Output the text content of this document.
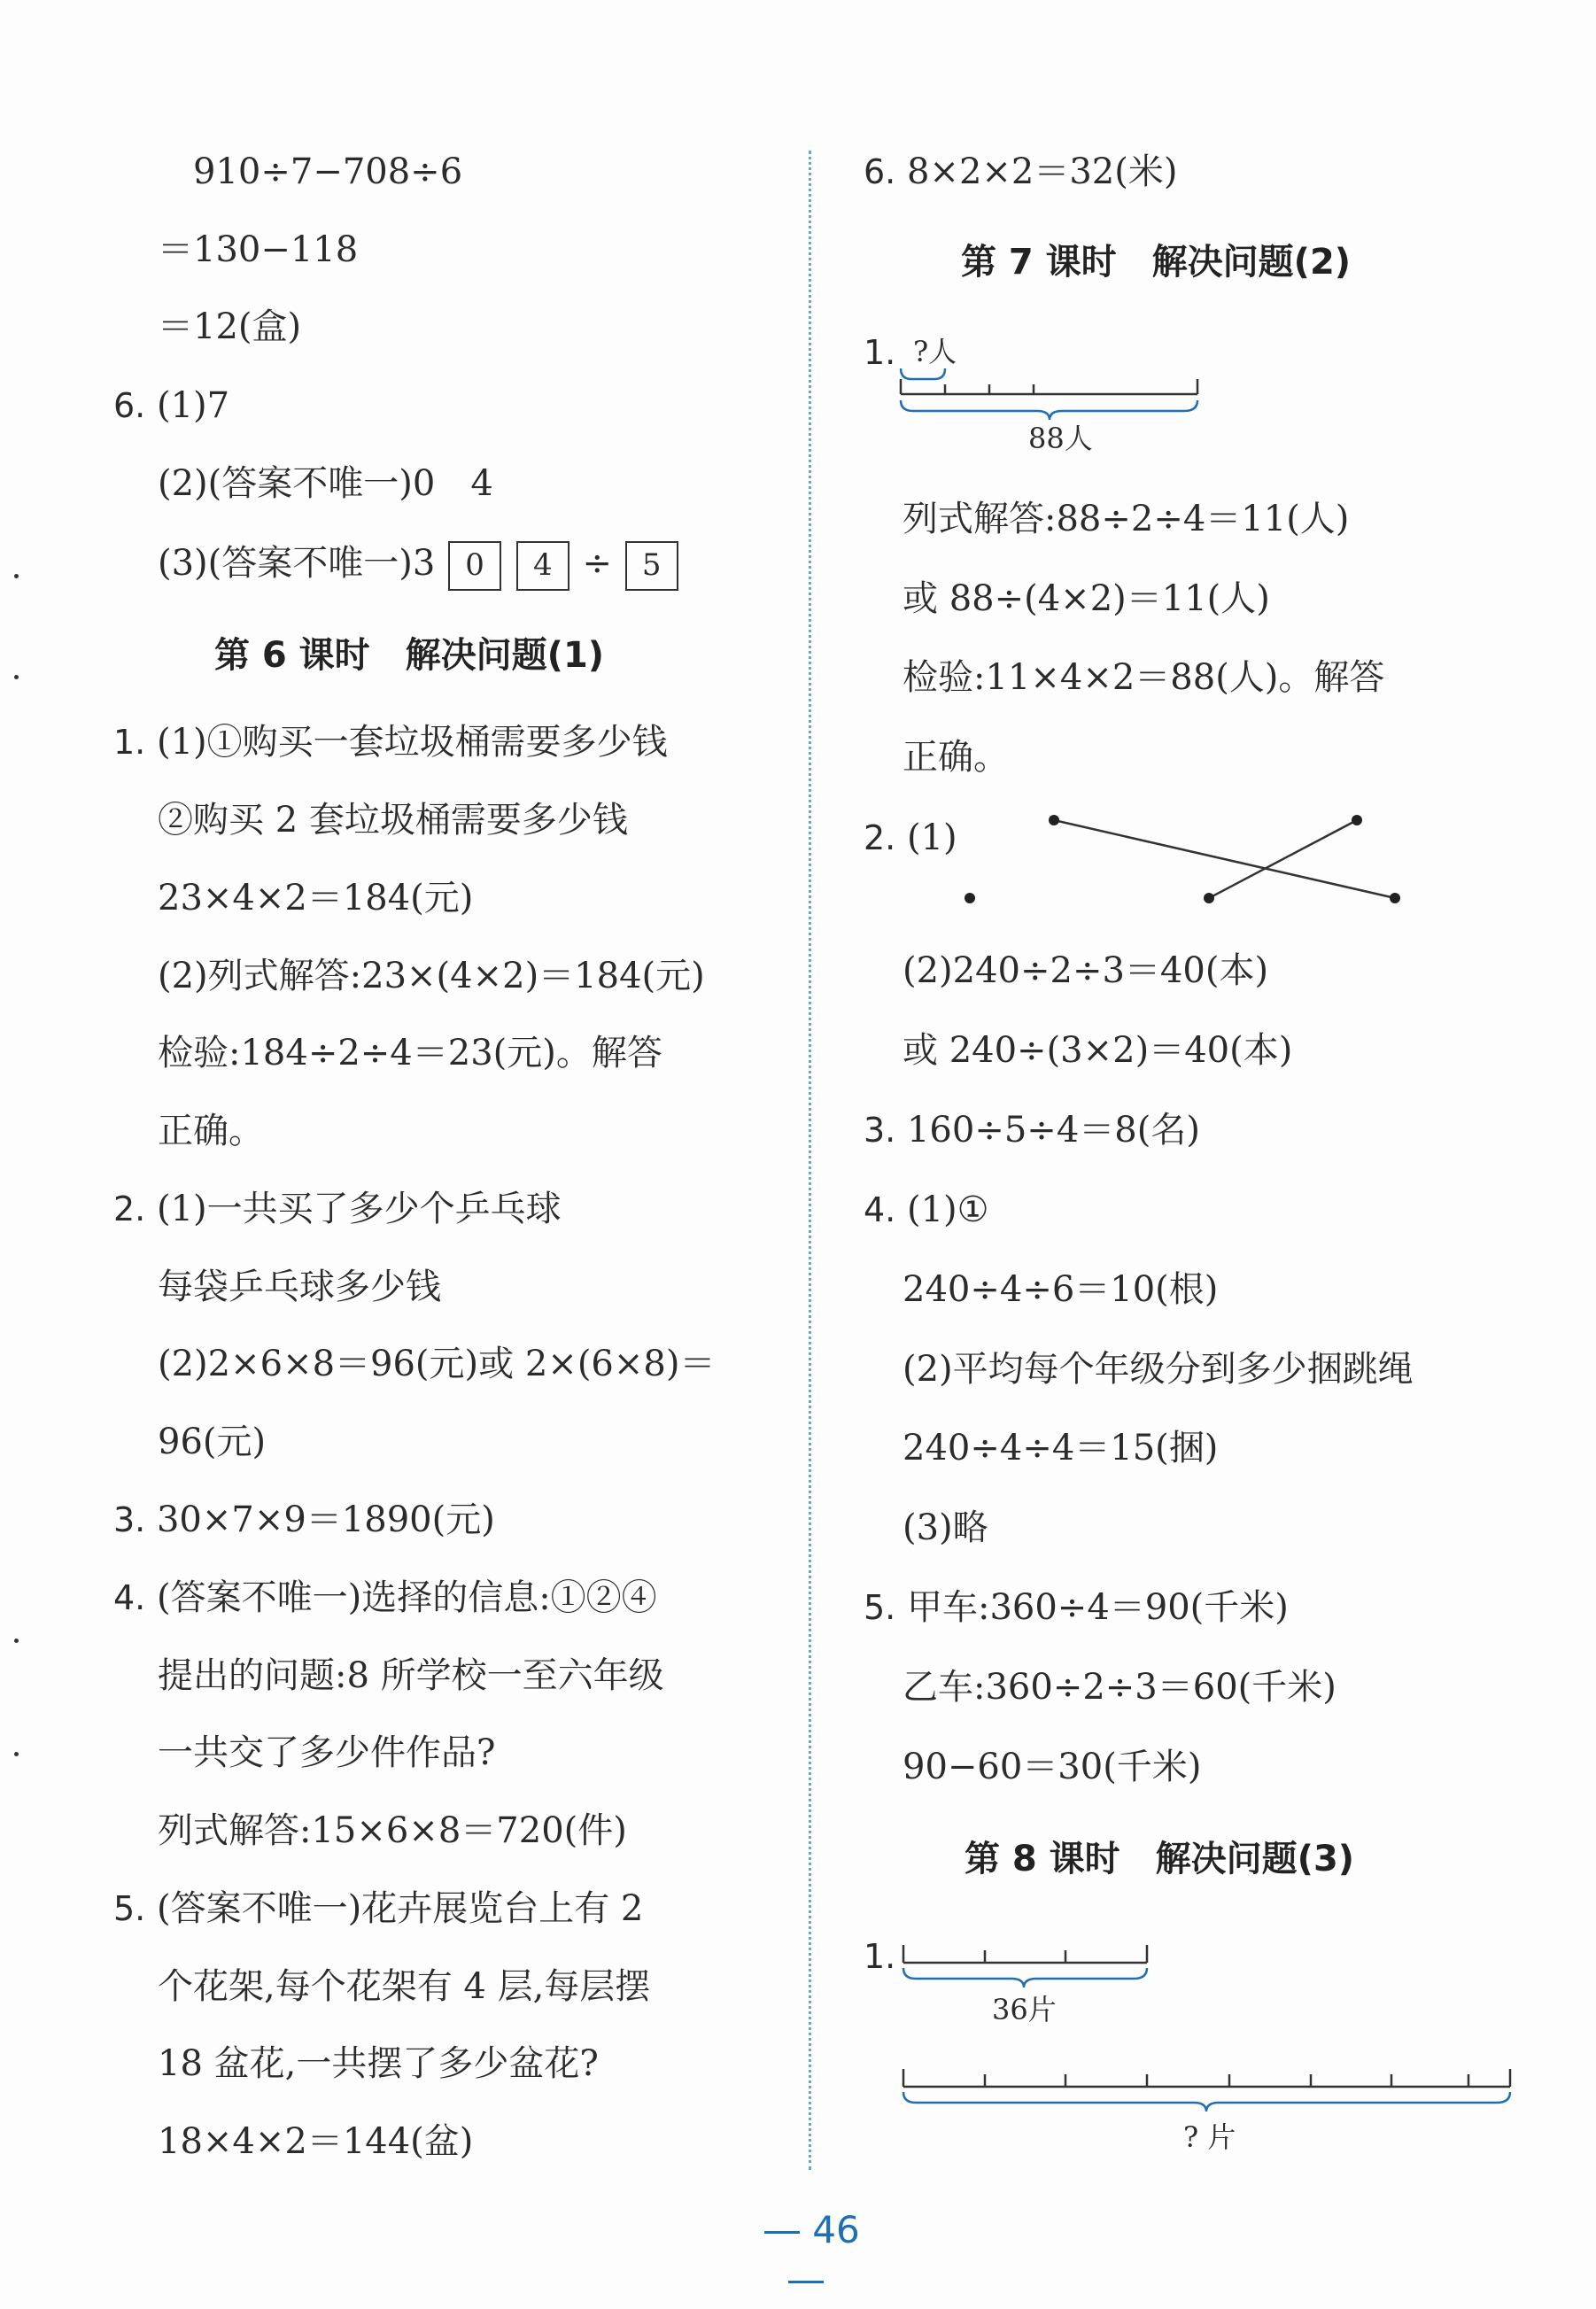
910÷7−708÷6
＝130−118
＝12(盒)
6. (1)7
(2)(答案不唯一)0　4
(3)(答案不唯一)3 0 4 ÷ 5
第 6 课时　解决问题(1)
1. (1)①购买一套垃圾桶需要多少钱
②购买 2 套垃圾桶需要多少钱
23×4×2＝184(元)
(2)列式解答:23×(4×2)＝184(元)
检验:184÷2÷4＝23(元)。解答
正确。
2. (1)一共买了多少个乒乓球
每袋乒乓球多少钱
(2)2×6×8＝96(元)或 2×(6×8)＝
96(元)
3. 30×7×9＝1890(元)
4. (答案不唯一)选择的信息:①②④
提出的问题:8 所学校一至六年级
一共交了多少件作品?
列式解答:15×6×8＝720(件)
5. (答案不唯一)花卉展览台上有 2
个花架,每个花架有 4 层,每层摆
18 盆花,一共摆了多少盆花?
18×4×2＝144(盆)
6. 8×2×2＝32(米)
第 7 课时　解决问题(2)
1. ?人
88人
列式解答:88÷2÷4＝11(人)
或 88÷(4×2)＝11(人)
检验:11×4×2＝88(人)。解答
正确。
2. (1)
(2)240÷2÷3＝40(本)
或 240÷(3×2)＝40(本)
3. 160÷5÷4＝8(名)
4. (1)①
240÷4÷6＝10(根)
(2)平均每个年级分到多少捆跳绳
240÷4÷4＝15(捆)
(3)略
5. 甲车:360÷4＝90(千米)
乙车:360÷2÷3＝60(千米)
90−60＝30(千米)
第 8 课时　解决问题(3)
1.
36片
? 片
46
